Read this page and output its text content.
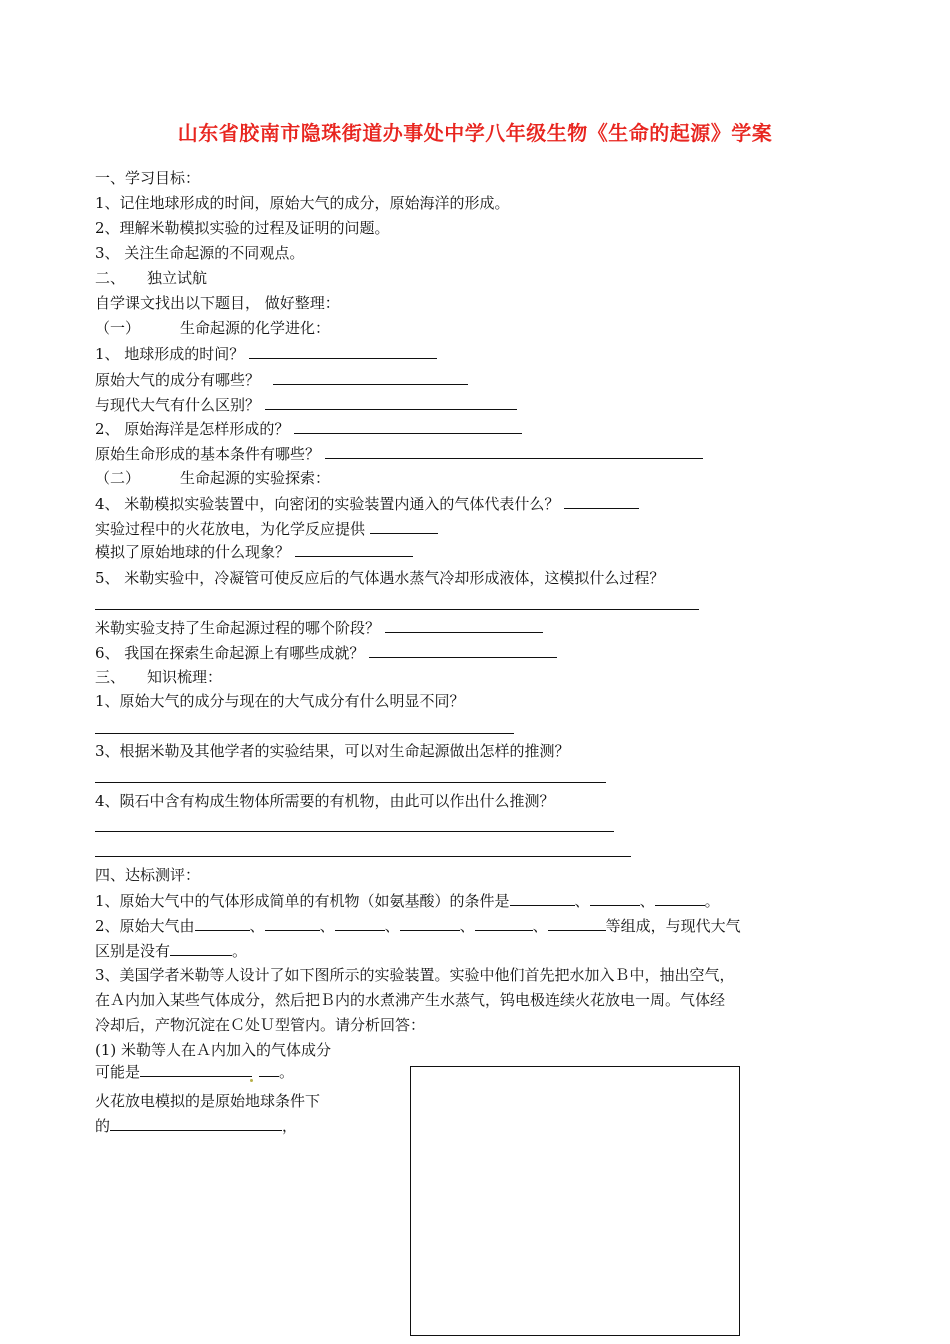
山东省胶南市隐珠街道办事处中学八年级生物《生命的起源》学案
一、学习目标：
1、记住地球形成的时间，原始大气的成分，原始海洋的形成。
2、理解米勒模拟实验的过程及证明的问题。
3、 关注生命起源的不同观点。
二、 独立试航
自学课文找出以下题目， 做好整理：
（一）	生命起源的化学进化：
1、 地球形成的时间？
原始大气的成分有哪些？
与现代大气有什么区别？
2、 原始海洋是怎样形成的？
原始生命形成的基本条件有哪些？
（二）	生命起源的实验探索：
4、 米勒模拟实验装置中，向密闭的实验装置内通入的气体代表什么？
实验过程中的火花放电，为化学反应提供
模拟了原始地球的什么现象？
5、 米勒实验中，冷凝管可使反应后的气体遇水蒸气冷却形成液体，这模拟什么过程？
米勒实验支持了生命起源过程的哪个阶段？
6、 我国在探索生命起源上有哪些成就？
三、 知识梳理：
1、原始大气的成分与现在的大气成分有什么明显不同？
3、根据米勒及其他学者的实验结果，可以对生命起源做出怎样的推测？
4、陨石中含有构成生物体所需要的有机物，由此可以作出什么推测？
四、达标测评：
1、原始大气中的气体形成简单的有机物（如氨基酸）的条件是	、	、	。
2、原始大气由	、	、	、	、	、	等组成，与现代大气
区别是没有	。
3、美国学者米勒等人设计了如下图所示的实验装置。实验中他们首先把水加入Ｂ中，抽出空气，
在Ａ内加入某些气体成分，然后把Ｂ内的水煮沸产生水蒸气，钨电极连续火花放电一周。气体经
冷却后，产物沉淀在Ｃ处Ｕ型管内。请分析回答：
(1) 米勒等人在Ａ内加入的气体成分
可能是	。
火花放电模拟的是原始地球条件下
的	，
